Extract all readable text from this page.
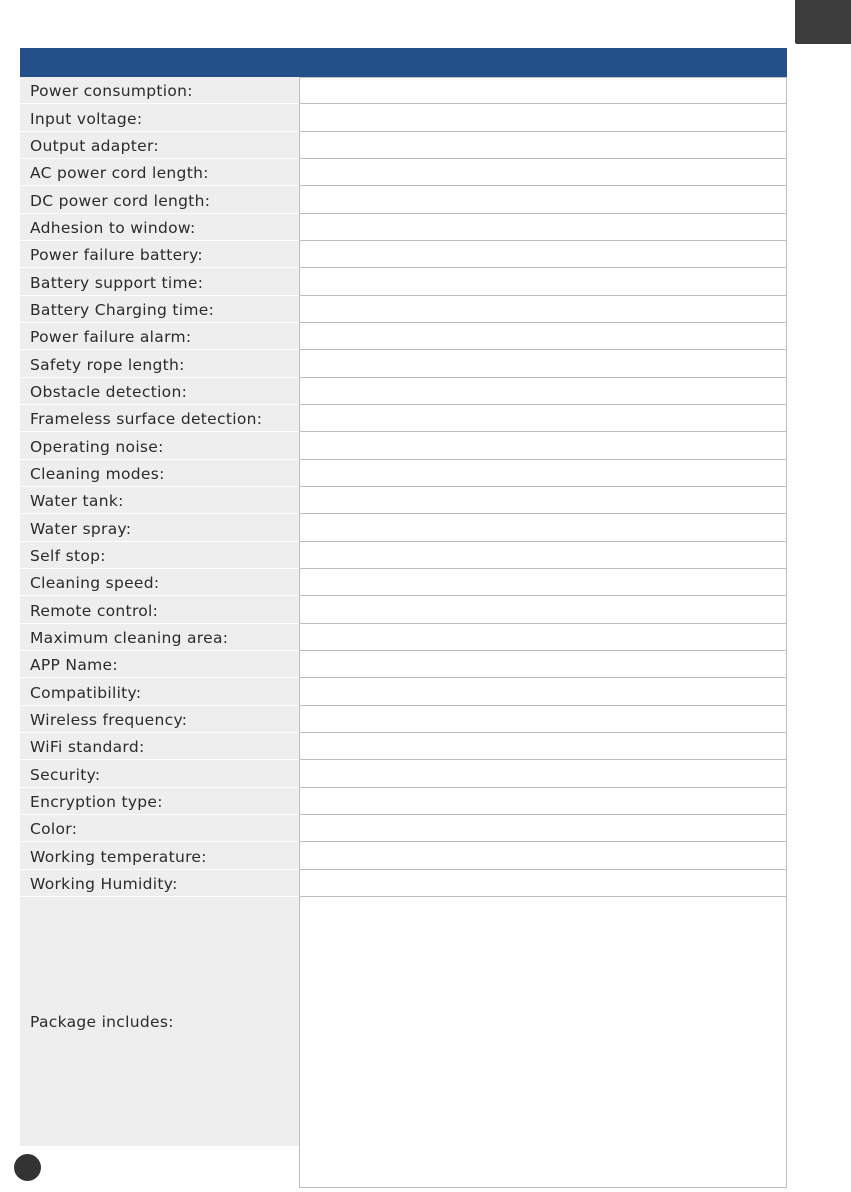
Power consumption:
Input voltage:
Output adapter:
AC power cord length:
DC power cord length:
Adhesion to window:
Power failure battery:
Battery support time:
Battery Charging time:
Power failure alarm:
Safety rope length:
Obstacle detection:
Frameless surface detection:
Operating noise:
Cleaning modes:
Water tank:
Water spray:
Self stop:
Cleaning speed:
Remote control:
Maximum cleaning area:
APP Name:
Compatibility:
Wireless frequency:
WiFi standard:
Security:
Encryption type:
Color:
Working temperature:
Working Humidity:
Package includes:
